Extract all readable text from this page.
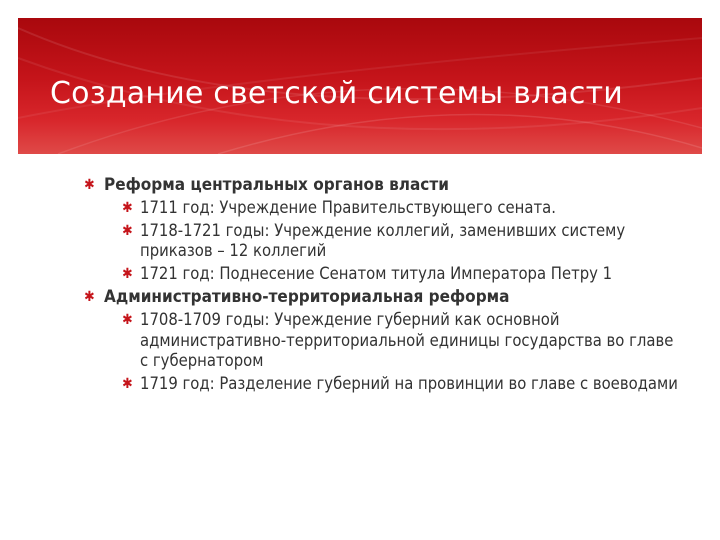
Создание светской системы власти
✱ Реформа центральных органов власти
✱ 1711 год: Учреждение Правительствующего сената.
✱ 1718-1721 годы: Учреждение коллегий, заменивших систему приказов – 12 коллегий
✱ 1721 год: Поднесение Сенатом титула Императора Петру 1
✱ Административно-территориальная реформа
✱ 1708-1709 годы: Учреждение губерний как основной административно-территориальной единицы государства во главе с губернатором
✱ 1719 год: Разделение губерний на провинции во главе с воеводами
